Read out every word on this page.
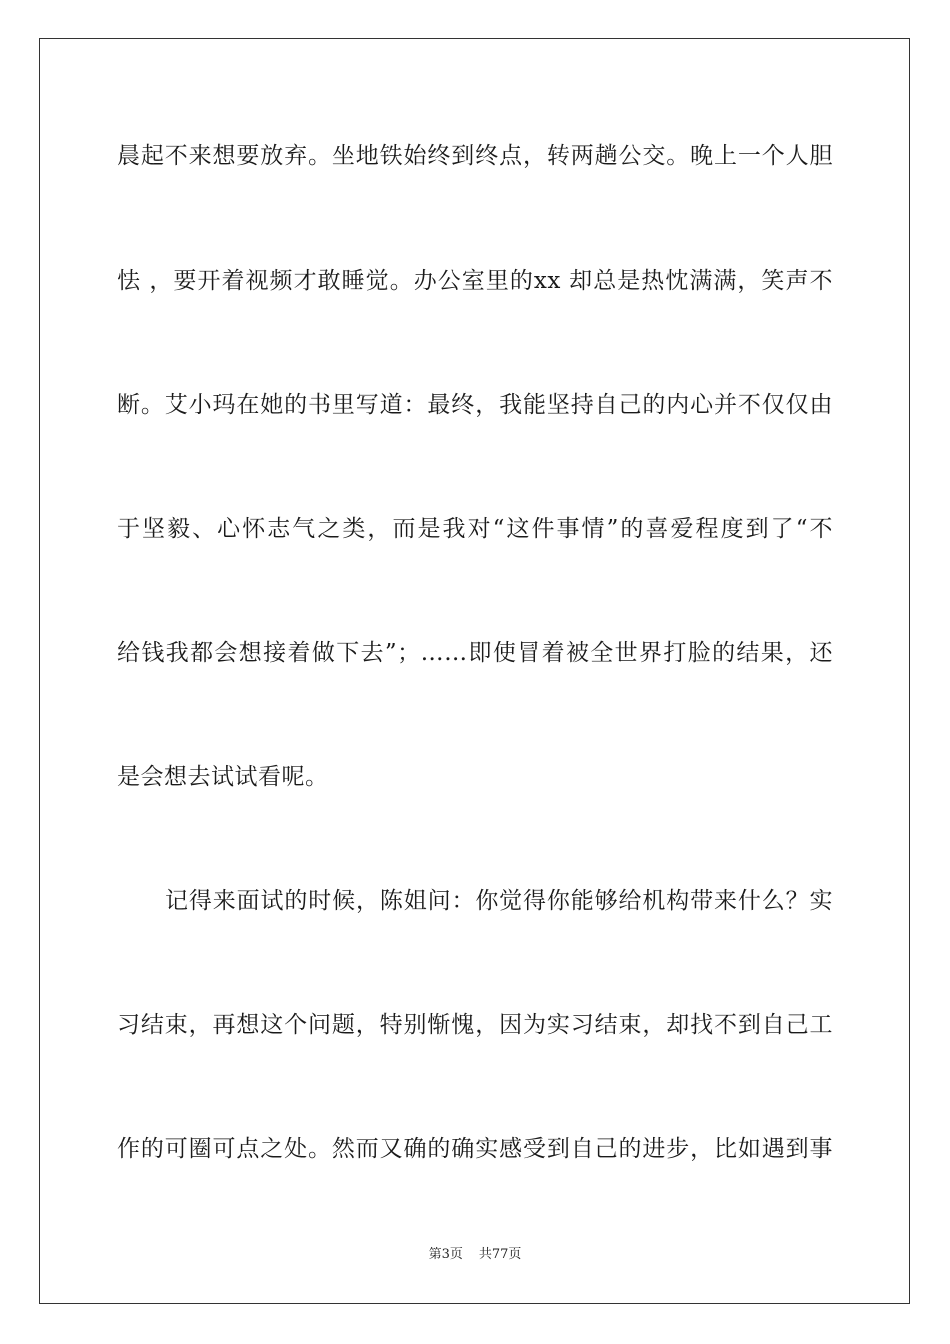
晨起不来想要放弃。坐地铁始终到终点，转两趟公交。晚上一个人胆
怯 ，要开着视频才敢睡觉。办公室里的xx 却总是热忱满满，笑声不
断。艾小玛在她的书里写道：最终，我能坚持自己的内心并不仅仅由
于坚毅、心怀志气之类，而是我对“这件事情”的喜爱程度到了“不
给钱我都会想接着做下去”；……即使冒着被全世界打脸的结果，还
是会想去试试看呢。
记得来面试的时候，陈姐问：你觉得你能够给机构带来什么？实
习结束，再想这个问题，特别惭愧，因为实习结束，却找不到自己工
作的可圈可点之处。然而又确的确实感受到自己的进步，比如遇到事
第3页 共77页
